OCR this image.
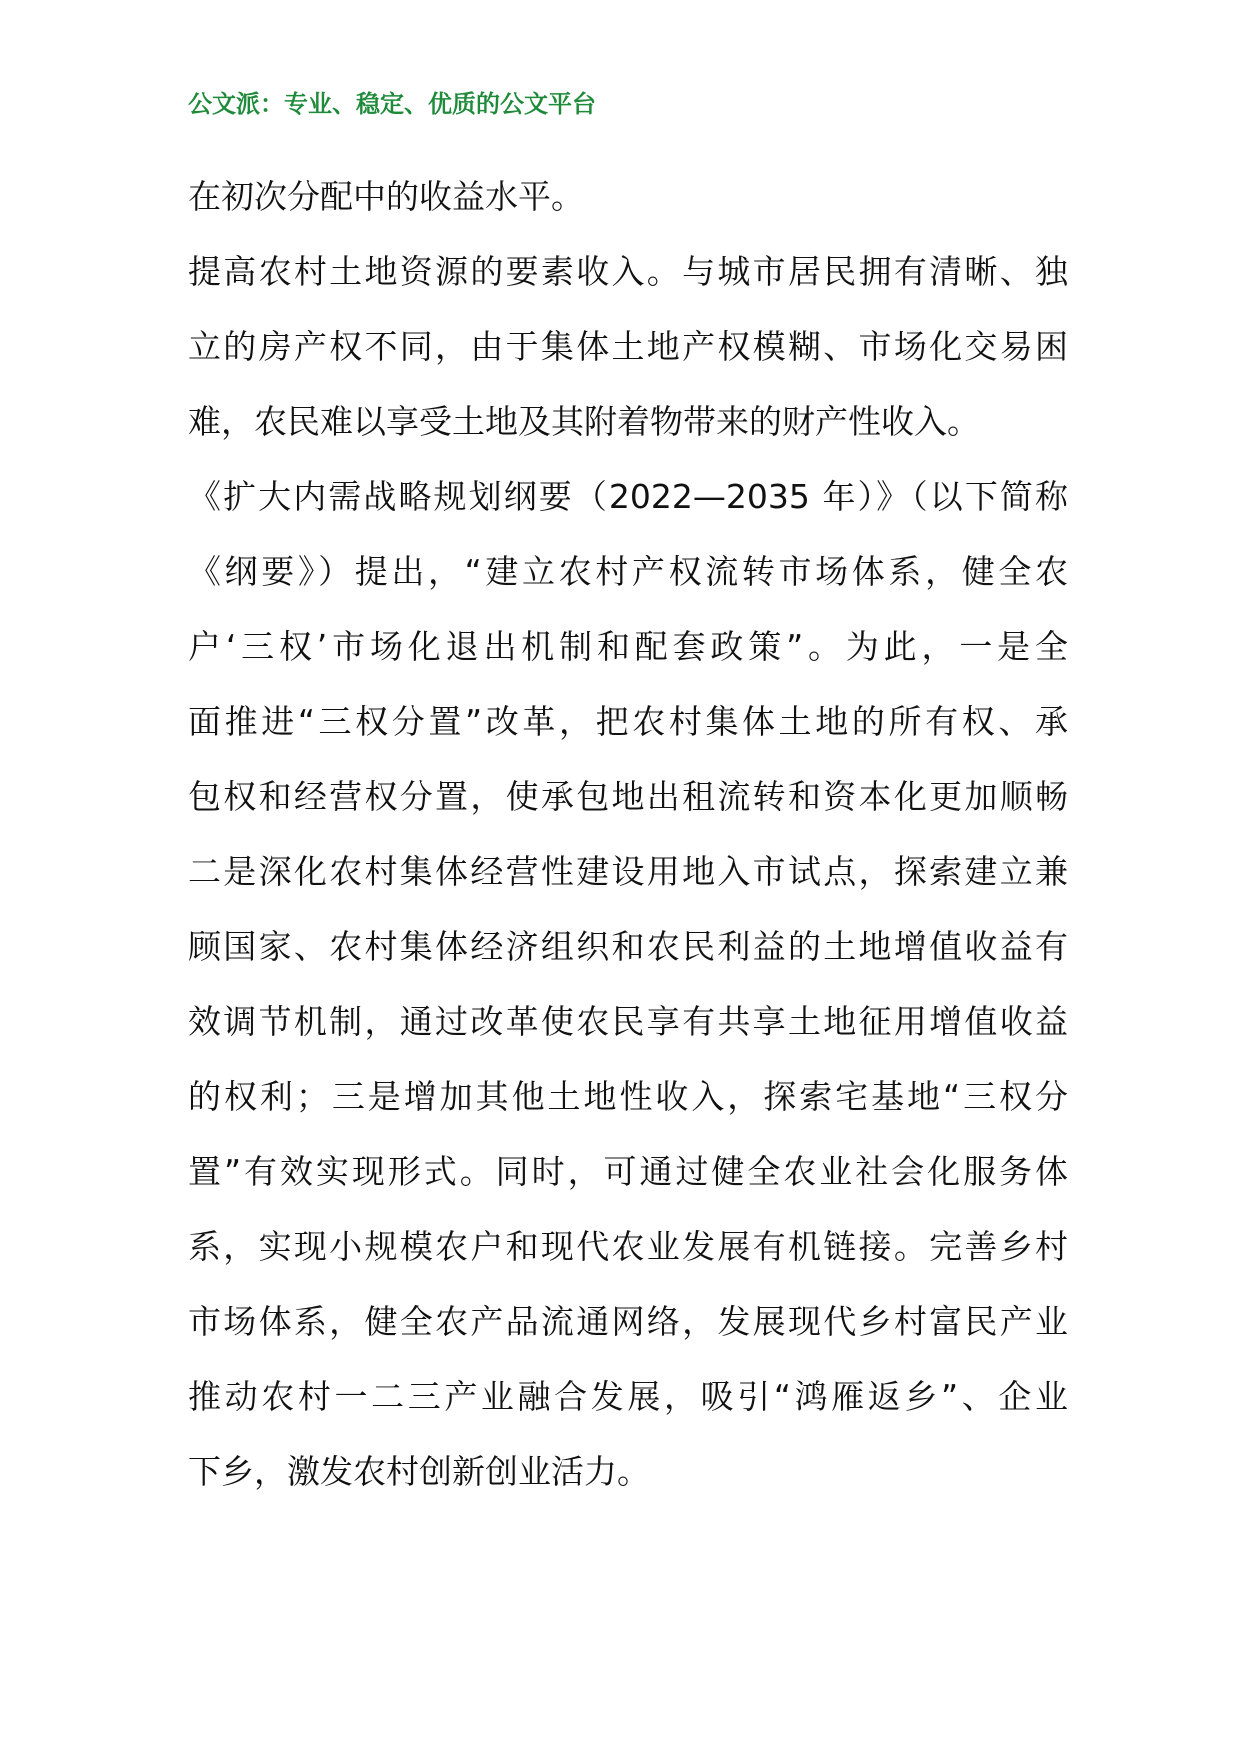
公文派：专业、稳定、优质的公文平台
在初次分配中的收益水平。
提高农村土地资源的要素收入。与城市居民拥有清晰、独
立的房产权不同，由于集体土地产权模糊、市场化交易困
难，农民难以享受土地及其附着物带来的财产性收入。
《扩大内需战略规划纲要（2022—2035 年）》（以下简称
《纲要》）提出，“建立农村产权流转市场体系，健全农
户‘三权’市场化退出机制和配套政策”。为此，一是全
面推进“三权分置”改革，把农村集体土地的所有权、承
包权和经营权分置，使承包地出租流转和资本化更加顺畅
二是深化农村集体经营性建设用地入市试点，探索建立兼
顾国家、农村集体经济组织和农民利益的土地增值收益有
效调节机制，通过改革使农民享有共享土地征用增值收益
的权利；三是增加其他土地性收入，探索宅基地“三权分
置”有效实现形式。同时，可通过健全农业社会化服务体
系，实现小规模农户和现代农业发展有机链接。完善乡村
市场体系，健全农产品流通网络，发展现代乡村富民产业
推动农村一二三产业融合发展，吸引“鸿雁返乡”、企业
下乡，激发农村创新创业活力。
